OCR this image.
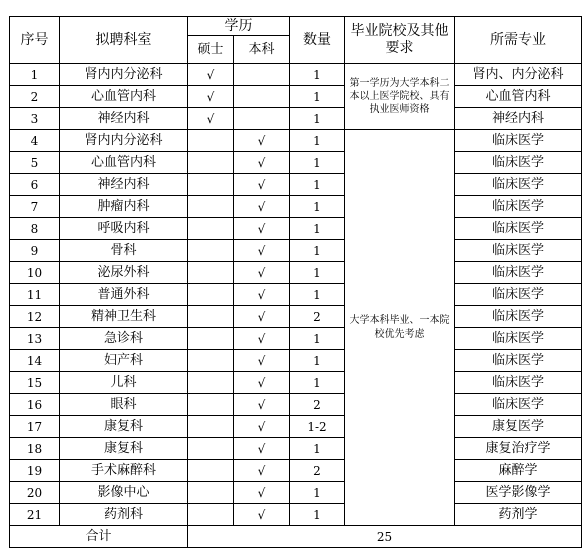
序号	拟聘科室	学历		数量	毕业院校及其他要求	所需专业
		硕士	本科			
1	肾内内分泌科	√		1	第一学历为大学本科二本以上医学院校、具有执业医师资格	肾内、内分泌科
2	心血管内科	√		1		心血管内科
3	神经内科	√		1		神经内科
4	肾内内分泌科		√	1	大学本科毕业、一本院校优先考虑	临床医学
5	心血管内科		√	1		临床医学
6	神经内科		√	1		临床医学
7	肿瘤内科		√	1		临床医学
8	呼吸内科		√	1		临床医学
9	骨科		√	1		临床医学
10	泌尿外科		√	1		临床医学
11	普通外科		√	1		临床医学
12	精神卫生科		√	2		临床医学
13	急诊科		√	1		临床医学
14	妇产科		√	1		临床医学
15	儿科		√	1		临床医学
16	眼科		√	2		临床医学
17	康复科		√	1-2		康复医学
18	康复科		√	1		康复治疗学
19	手术麻醉科		√	2		麻醉学
20	影像中心		√	1		医学影像学
21	药剂科		√	1		药剂学
合计		25				
